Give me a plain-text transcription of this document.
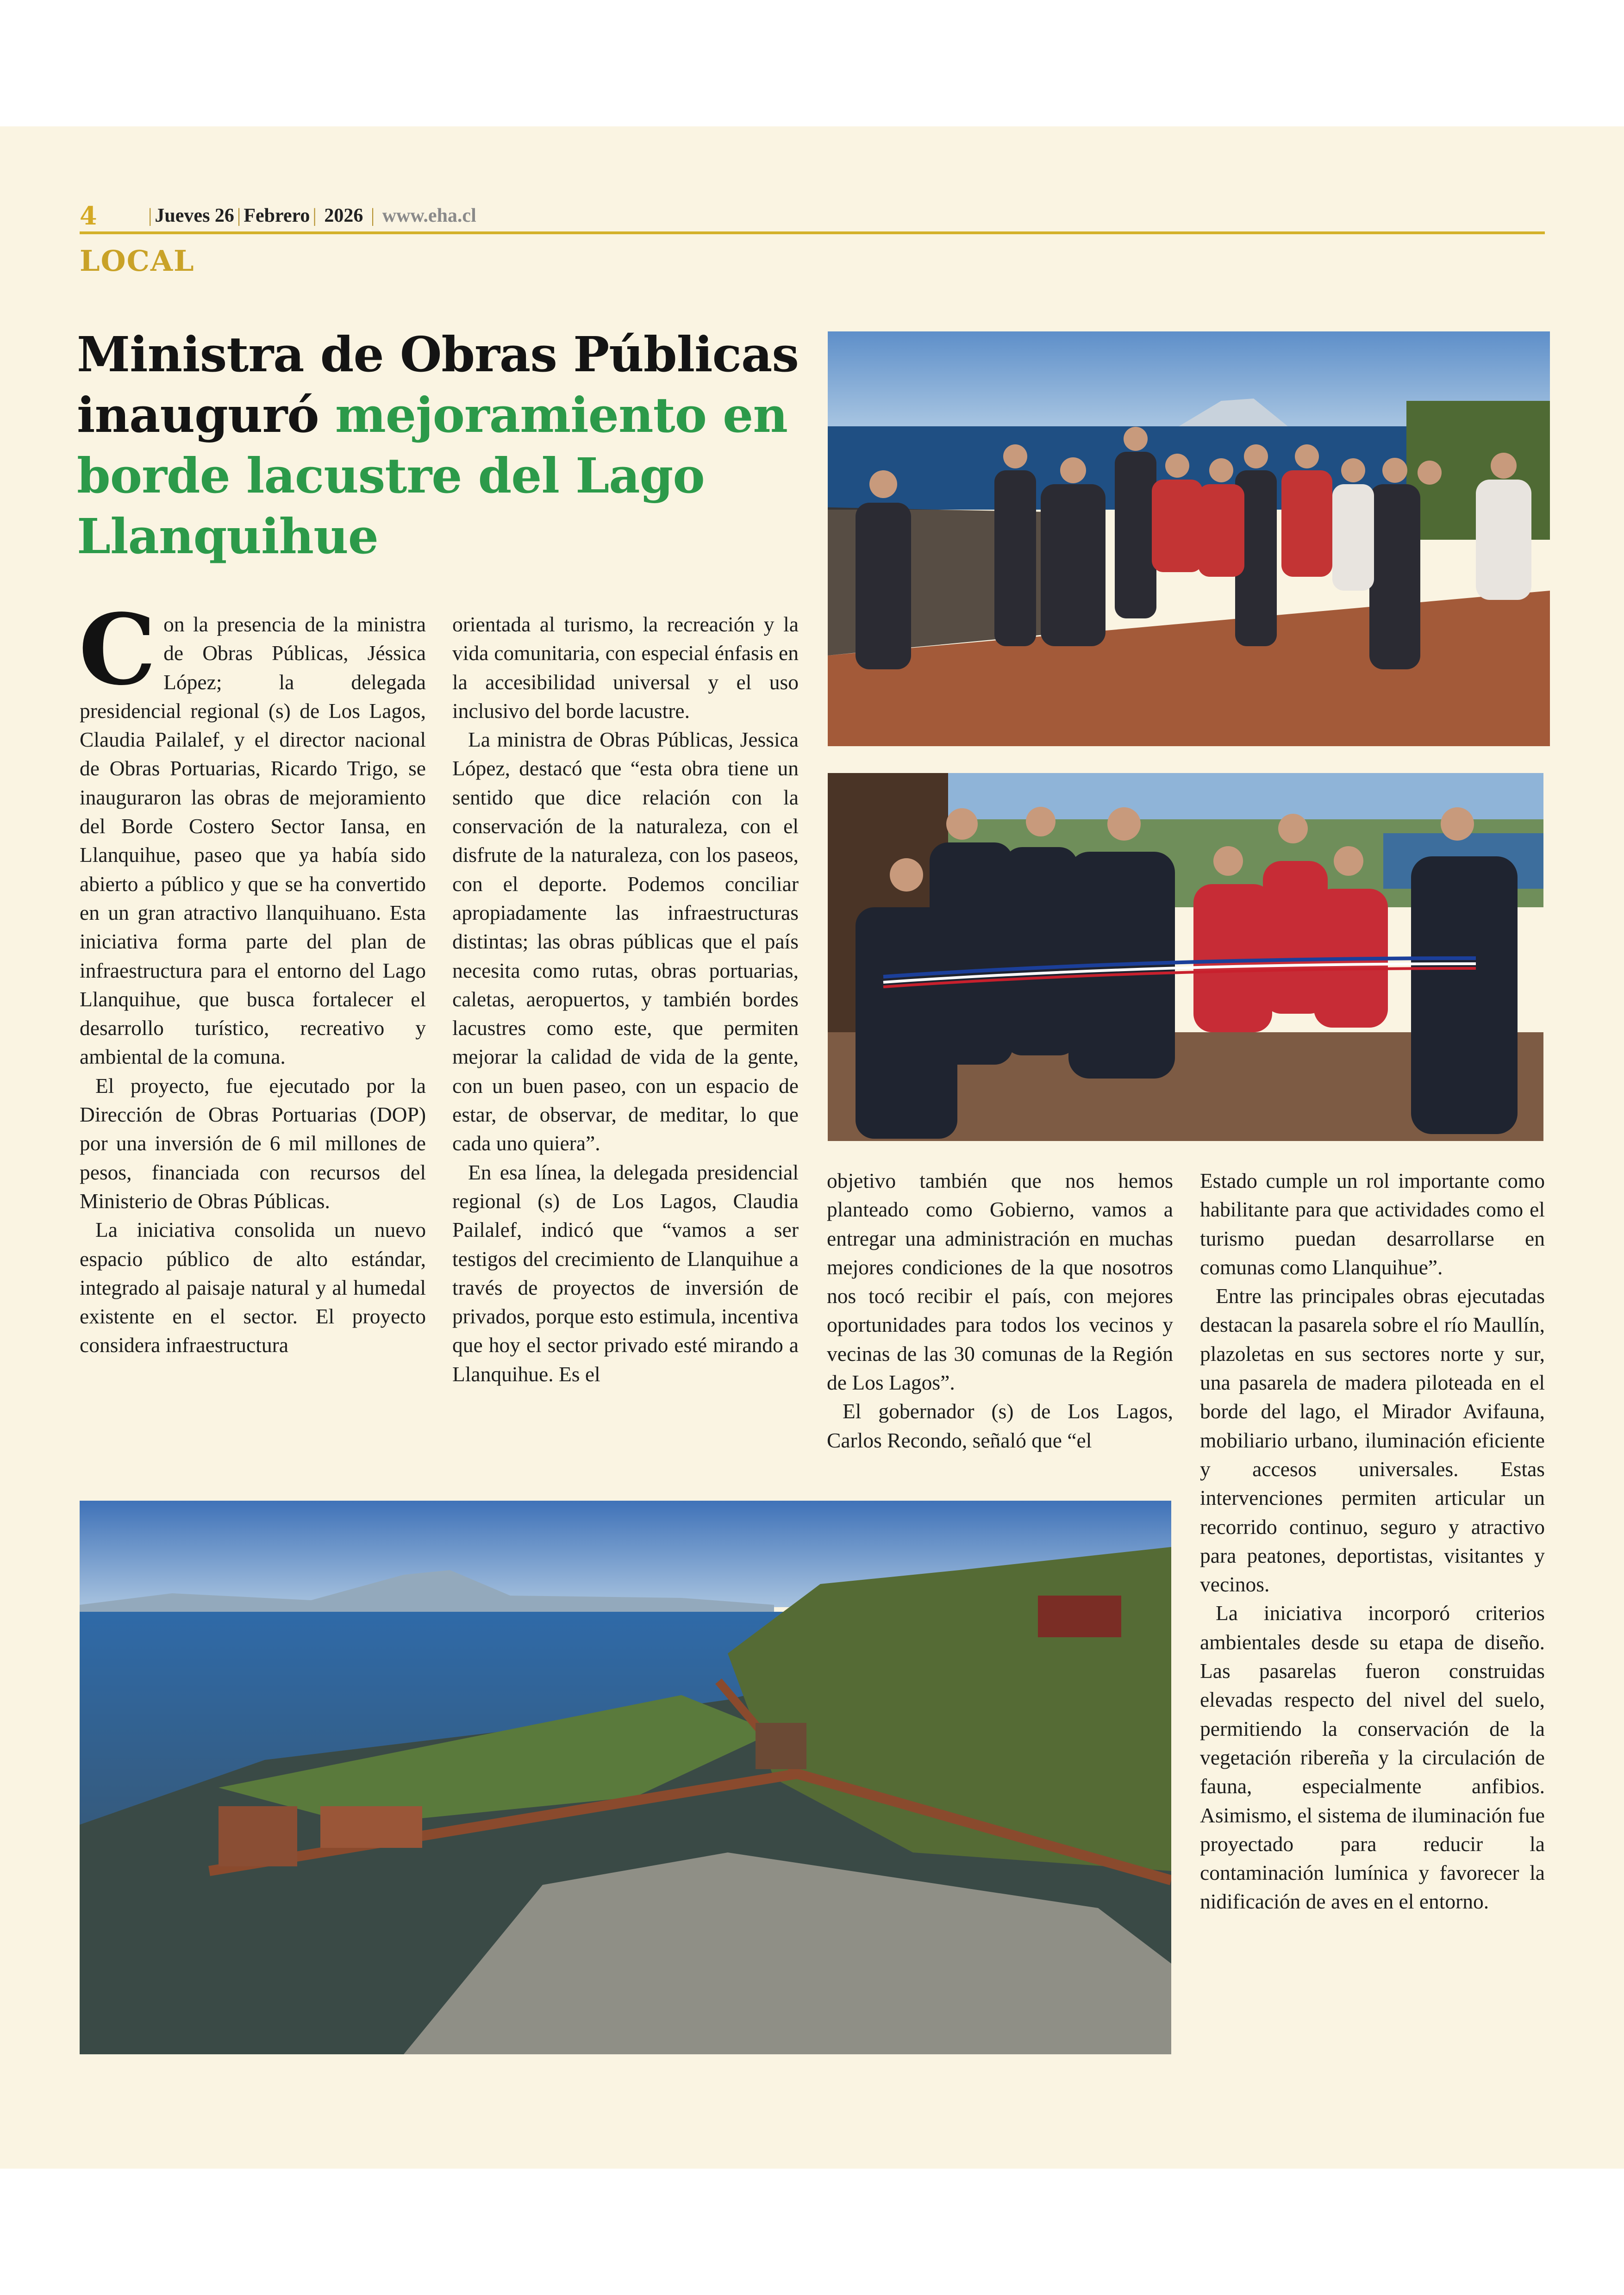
4	| Jueves 26 | Febrero | 2026 | www.eha.cl
LOCAL
Ministra de Obras Públicas inauguró mejoramiento en borde lacustre del Lago Llanquihue

Con la presencia de la ministra de Obras Públicas, Jéssica López; la delegada presidencial regional (s) de Los Lagos, Claudia Pailalef, y el director nacional de Obras Portuarias, Ricardo Trigo, se inauguraron las obras de mejoramiento del Borde Costero Sector Iansa, en Llanquihue, paseo que ya había sido abierto a público y que se ha convertido en un gran atractivo llanquihuano. Esta iniciativa forma parte del plan de infraestructura para el entorno del Lago Llanquihue, que busca fortalecer el desarrollo turístico, recreativo y ambiental de la comuna.

El proyecto, fue ejecutado por la Dirección de Obras Portuarias (DOP) por una inversión de 6 mil millones de pesos, financiada con recursos del Ministerio de Obras Públicas.

La iniciativa consolida un nuevo espacio público de alto estándar, integrado al paisaje natural y al humedal existente en el sector. El proyecto considera infraestructura

orientada al turismo, la recreación y la vida comunitaria, con especial énfasis en la accesibilidad universal y el uso inclusivo del borde lacustre.

La ministra de Obras Públicas, Jessica López, destacó que “esta obra tiene un sentido que dice relación con la conservación de la naturaleza, con el disfrute de la naturaleza, con los paseos, con el deporte. Podemos conciliar apropiadamente las infraestructuras distintas; las obras públicas que el país necesita como rutas, obras portuarias, caletas, aeropuertos, y también bordes lacustres como este, que permiten mejorar la calidad de vida de la gente, con un buen paseo, con un espacio de estar, de observar, de meditar, lo que cada uno quiera”.

En esa línea, la delegada presidencial regional (s) de Los Lagos, Claudia Pailalef, indicó que “vamos a ser testigos del crecimiento de Llanquihue a través de proyectos de inversión de privados, porque esto estimula, incentiva que hoy el sector privado esté mirando a Llanquihue. Es el

objetivo también que nos hemos planteado como Gobierno, vamos a entregar una administración en muchas mejores condiciones de la que nosotros nos tocó recibir el país, con mejores oportunidades para todos los vecinos y vecinas de las 30 comunas de la Región de Los Lagos”.

El gobernador (s) de Los Lagos, Carlos Recondo, señaló que “el

Estado cumple un rol importante como habilitante para que actividades como el turismo puedan desarrollarse en comunas como Llanquihue”.

Entre las principales obras ejecutadas destacan la pasarela sobre el río Maullín, plazoletas en sus sectores norte y sur, una pasarela de madera piloteada en el borde del lago, el Mirador Avifauna, mobiliario urbano, iluminación eficiente y accesos universales. Estas intervenciones permiten articular un recorrido continuo, seguro y atractivo para peatones, deportistas, visitantes y vecinos.

La iniciativa incorporó criterios ambientales desde su etapa de diseño. Las pasarelas fueron construidas elevadas respecto del nivel del suelo, permitiendo la conservación de la vegetación ribereña y la circulación de fauna, especialmente anfibios. Asimismo, el sistema de iluminación fue proyectado para reducir la contaminación lumínica y favorecer la nidificación de aves en el entorno.
